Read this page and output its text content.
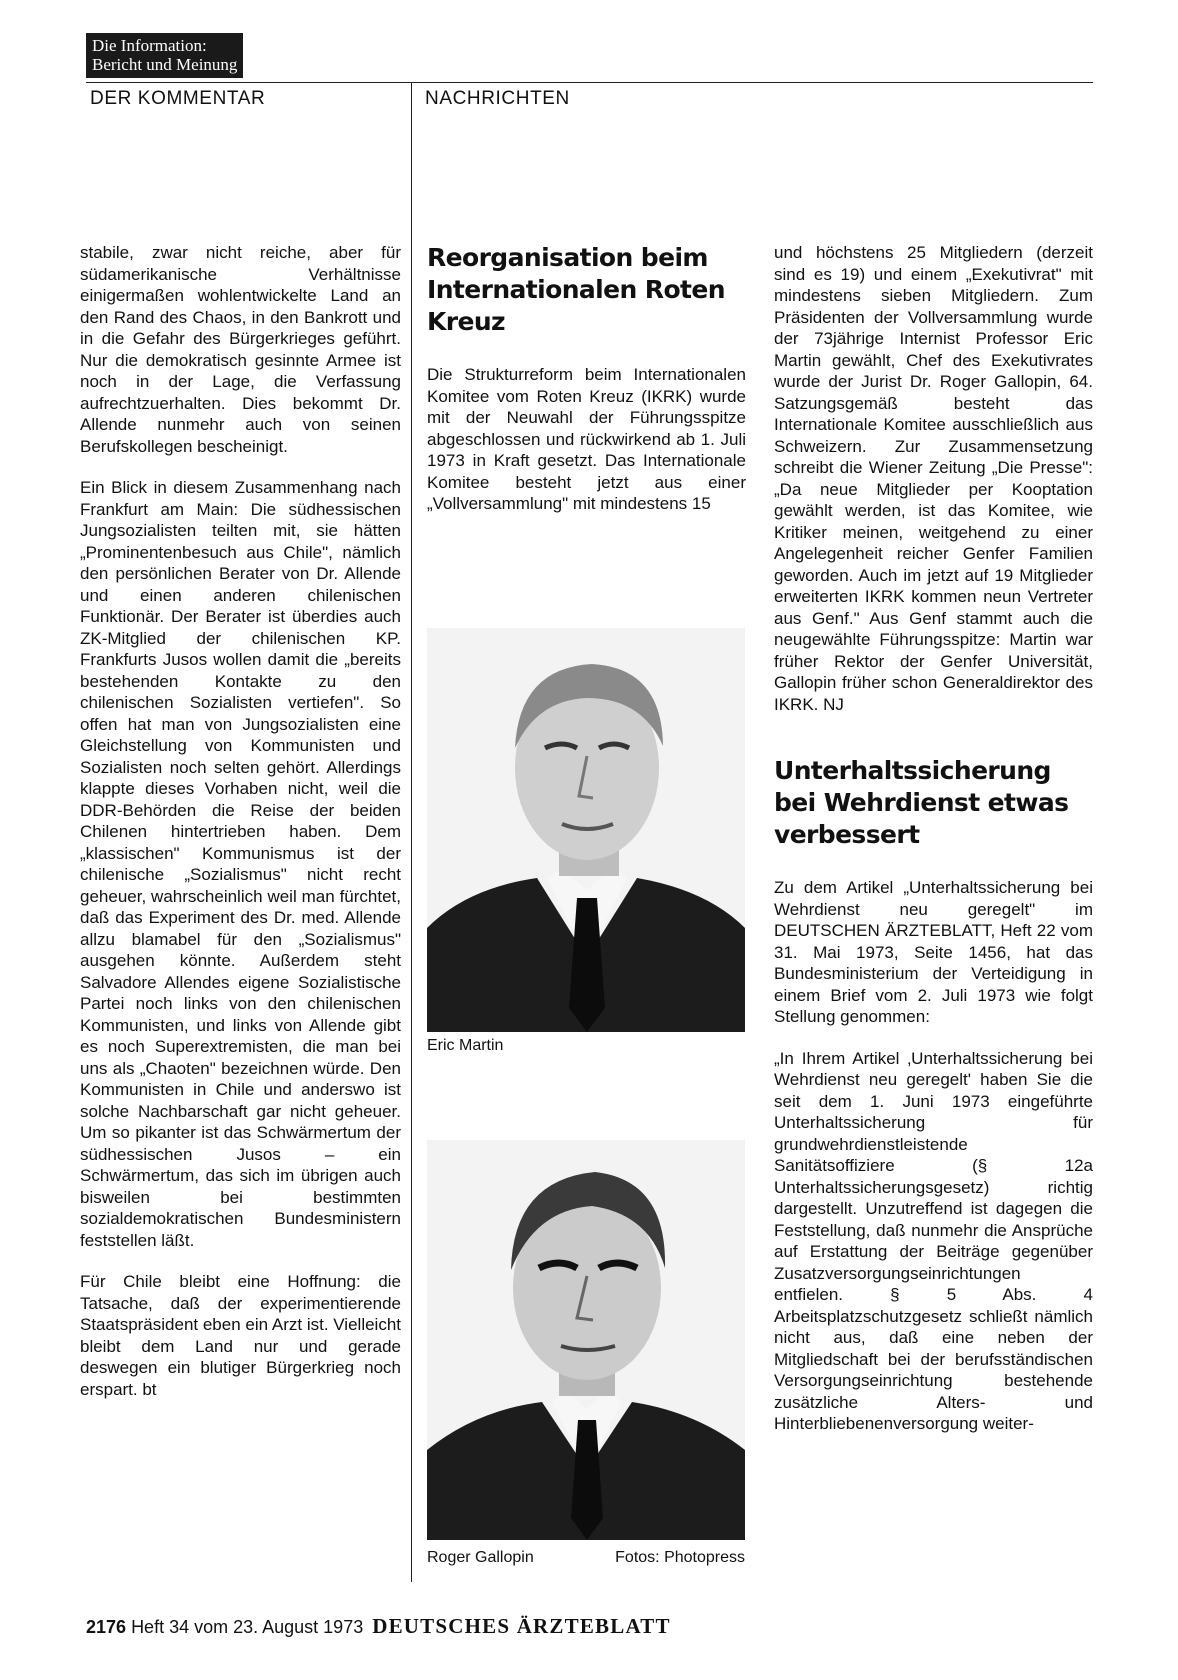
Die Information:
Bericht und Meinung
DER KOMMENTAR	NACHRICHTEN

stabile, zwar nicht reiche, aber für südamerikanische Verhältnisse einigermaßen wohlentwickelte Land an den Rand des Chaos, in den Bankrott und in die Gefahr des Bürgerkrieges geführt. Nur die demokratisch gesinnte Armee ist noch in der Lage, die Verfassung aufrechtzuerhalten. Dies bekommt Dr. Allende nunmehr auch von seinen Berufskollegen bescheinigt.

Ein Blick in diesem Zusammenhang nach Frankfurt am Main: Die südhessischen Jungsozialisten teilten mit, sie hätten „Prominentenbesuch aus Chile", nämlich den persönlichen Berater von Dr. Allende und einen anderen chilenischen Funktionär. Der Berater ist überdies auch ZK-Mitglied der chilenischen KP. Frankfurts Jusos wollen damit die „bereits bestehenden Kontakte zu den chilenischen Sozialisten vertiefen". So offen hat man von Jungsozialisten eine Gleichstellung von Kommunisten und Sozialisten noch selten gehört. Allerdings klappte dieses Vorhaben nicht, weil die DDR-Behörden die Reise der beiden Chilenen hintertrieben haben. Dem „klassischen" Kommunismus ist der chilenische „Sozialismus" nicht recht geheuer, wahrscheinlich weil man fürchtet, daß das Experiment des Dr. med. Allende allzu blamabel für den „Sozialismus" ausgehen könnte. Außerdem steht Salvadore Allendes eigene Sozialistische Partei noch links von den chilenischen Kommunisten, und links von Allende gibt es noch Superextremisten, die man bei uns als „Chaoten" bezeichnen würde. Den Kommunisten in Chile und anderswo ist solche Nachbarschaft gar nicht geheuer. Um so pikanter ist das Schwärmertum der südhessischen Jusos – ein Schwärmertum, das sich im übrigen auch bisweilen bei bestimmten sozialdemokratischen Bundesministern feststellen läßt.

Für Chile bleibt eine Hoffnung: die Tatsache, daß der experimentierende Staatspräsident eben ein Arzt ist. Vielleicht bleibt dem Land nur und gerade deswegen ein blutiger Bürgerkrieg noch erspart. bt

Reorganisation beim Internationalen Roten Kreuz

Die Strukturreform beim Internationalen Komitee vom Roten Kreuz (IKRK) wurde mit der Neuwahl der Führungsspitze abgeschlossen und rückwirkend ab 1. Juli 1973 in Kraft gesetzt. Das Internationale Komitee besteht jetzt aus einer „Vollversammlung" mit mindestens 15

Eric Martin
Roger Gallopin	Fotos: Photopress

und höchstens 25 Mitgliedern (derzeit sind es 19) und einem „Exekutivrat" mit mindestens sieben Mitgliedern. Zum Präsidenten der Vollversammlung wurde der 73jährige Internist Professor Eric Martin gewählt, Chef des Exekutivrates wurde der Jurist Dr. Roger Gallopin, 64. Satzungsgemäß besteht das Internationale Komitee ausschließlich aus Schweizern. Zur Zusammensetzung schreibt die Wiener Zeitung „Die Presse": „Da neue Mitglieder per Kooptation gewählt werden, ist das Komitee, wie Kritiker meinen, weitgehend zu einer Angelegenheit reicher Genfer Familien geworden. Auch im jetzt auf 19 Mitglieder erweiterten IKRK kommen neun Vertreter aus Genf." Aus Genf stammt auch die neugewählte Führungsspitze: Martin war früher Rektor der Genfer Universität, Gallopin früher schon Generaldirektor des IKRK. NJ

Unterhaltssicherung bei Wehrdienst etwas verbessert

Zu dem Artikel „Unterhaltssicherung bei Wehrdienst neu geregelt" im DEUTSCHEN ÄRZTEBLATT, Heft 22 vom 31. Mai 1973, Seite 1456, hat das Bundesministerium der Verteidigung in einem Brief vom 2. Juli 1973 wie folgt Stellung genommen:

„In Ihrem Artikel ‚Unterhaltssicherung bei Wehrdienst neu geregelt' haben Sie die seit dem 1. Juni 1973 eingeführte Unterhaltssicherung für grundwehrdienstleistende Sanitätsoffiziere (§ 12a Unterhaltssicherungsgesetz) richtig dargestellt. Unzutreffend ist dagegen die Feststellung, daß nunmehr die Ansprüche auf Erstattung der Beiträge gegenüber Zusatzversorgungseinrichtungen entfielen. § 5 Abs. 4 Arbeitsplatzschutzgesetz schließt nämlich nicht aus, daß eine neben der Mitgliedschaft bei der berufsständischen Versorgungseinrichtung bestehende zusätzliche Alters- und Hinterbliebenenversorgung weiter-

2176 Heft 34 vom 23. August 1973 DEUTSCHES ÄRZTEBLATT
